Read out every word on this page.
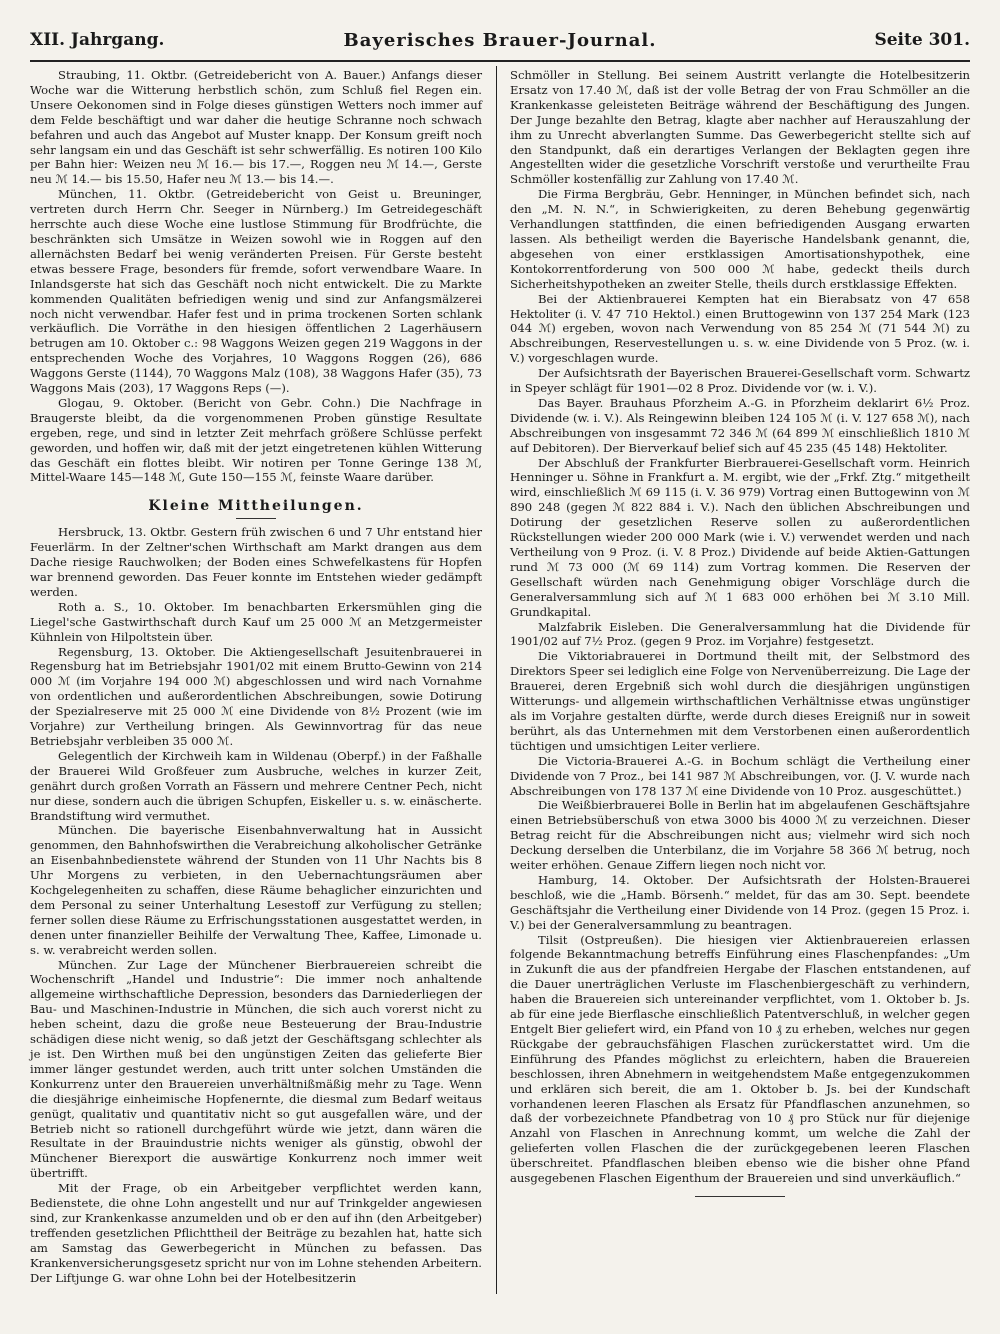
XII. Jahrgang.	Bayerisches Brauer-Journal.	Seite 301.

Straubing, 11. Oktbr. (Getreidebericht von A. Bauer.) Anfangs dieser Woche war die Witterung herbstlich schön, zum Schluß fiel Regen ein. Unsere Oekonomen sind in Folge dieses günstigen Wetters noch immer auf dem Felde beschäftigt und war daher die heutige Schranne noch schwach befahren und auch das Angebot auf Muster knapp. Der Konsum greift noch sehr langsam ein und das Geschäft ist sehr schwerfällig. Es notiren 100 Kilo per Bahn hier: Weizen neu ℳ 16.— bis 17.—, Roggen neu ℳ 14.—, Gerste neu ℳ 14.— bis 15.50, Hafer neu ℳ 13.— bis 14.—.

München, 11. Oktbr. (Getreidebericht von Geist u. Breuninger, vertreten durch Herrn Chr. Seeger in Nürnberg.) Im Getreidegeschäft herrschte auch diese Woche eine lustlose Stimmung für Brodfrüchte, die beschränkten sich Umsätze in Weizen sowohl wie in Roggen auf den allernächsten Bedarf bei wenig veränderten Preisen. Für Gerste besteht etwas bessere Frage, besonders für fremde, sofort verwendbare Waare. In Inlandsgerste hat sich das Geschäft noch nicht entwickelt. Die zu Markte kommenden Qualitäten befriedigen wenig und sind zur Anfangsmälzerei noch nicht verwendbar. Hafer fest und in prima trockenen Sorten schlank verkäuflich. Die Vorräthe in den hiesigen öffentlichen 2 Lagerhäusern betrugen am 10. Oktober c.: 98 Waggons Weizen gegen 219 Waggons in der entsprechenden Woche des Vorjahres, 10 Waggons Roggen (26), 686 Waggons Gerste (1144), 70 Waggons Malz (108), 38 Waggons Hafer (35), 73 Waggons Mais (203), 17 Waggons Reps (—).

Glogau, 9. Oktober. (Bericht von Gebr. Cohn.) Die Nachfrage in Braugerste bleibt, da die vorgenommenen Proben günstige Resultate ergeben, rege, und sind in letzter Zeit mehrfach größere Schlüsse perfekt geworden, und hoffen wir, daß mit der jetzt eingetretenen kühlen Witterung das Geschäft ein flottes bleibt. Wir notiren per Tonne Geringe 138 ℳ, Mittel-Waare 145—148 ℳ, Gute 150—155 ℳ, feinste Waare darüber.

Kleine Mittheilungen.

Hersbruck, 13. Oktbr. Gestern früh zwischen 6 und 7 Uhr entstand hier Feuerlärm. In der Zeltner'schen Wirthschaft am Markt drangen aus dem Dache riesige Rauchwolken; der Boden eines Schwefelkastens für Hopfen war brennend geworden. Das Feuer konnte im Entstehen wieder gedämpft werden.

Roth a. S., 10. Oktober. Im benachbarten Erkersmühlen ging die Liegel'sche Gastwirthschaft durch Kauf um 25 000 ℳ an Metzgermeister Kühnlein von Hilpoltstein über.

Regensburg, 13. Oktober. Die Aktiengesellschaft Jesuitenbrauerei in Regensburg hat im Betriebsjahr 1901/02 mit einem Brutto-Gewinn von 214 000 ℳ (im Vorjahre 194 000 ℳ) abgeschlossen und wird nach Vornahme von ordentlichen und außerordentlichen Abschreibungen, sowie Dotirung der Spezialreserve mit 25 000 ℳ eine Dividende von 8½ Prozent (wie im Vorjahre) zur Vertheilung bringen. Als Gewinnvortrag für das neue Betriebsjahr verbleiben 35 000 ℳ.

Gelegentlich der Kirchweih kam in Wildenau (Oberpf.) in der Faßhalle der Brauerei Wild Großfeuer zum Ausbruche, welches in kurzer Zeit, genährt durch großen Vorrath an Fässern und mehrere Centner Pech, nicht nur diese, sondern auch die übrigen Schupfen, Eiskeller u. s. w. einäscherte. Brandstiftung wird vermuthet.

München. Die bayerische Eisenbahnverwaltung hat in Aussicht genommen, den Bahnhofswirthen die Verabreichung alkoholischer Getränke an Eisenbahnbedienstete während der Stunden von 11 Uhr Nachts bis 8 Uhr Morgens zu verbieten, in den Uebernachtungsräumen aber Kochgelegenheiten zu schaffen, diese Räume behaglicher einzurichten und dem Personal zu seiner Unterhaltung Lesestoff zur Verfügung zu stellen; ferner sollen diese Räume zu Erfrischungsstationen ausgestattet werden, in denen unter finanzieller Beihilfe der Verwaltung Thee, Kaffee, Limonade u. s. w. verabreicht werden sollen.

München. Zur Lage der Münchener Bierbrauereien schreibt die Wochenschrift „Handel und Industrie“: Die immer noch anhaltende allgemeine wirthschaftliche Depression, besonders das Darniederliegen der Bau- und Maschinen-Industrie in München, die sich auch vorerst nicht zu heben scheint, dazu die große neue Besteuerung der Brau-Industrie schädigen diese nicht wenig, so daß jetzt der Geschäftsgang schlechter als je ist. Den Wirthen muß bei den ungünstigen Zeiten das gelieferte Bier immer länger gestundet werden, auch tritt unter solchen Umständen die Konkurrenz unter den Brauereien unverhältnißmäßig mehr zu Tage. Wenn die diesjährige einheimische Hopfenernte, die diesmal zum Bedarf weitaus genügt, qualitativ und quantitativ nicht so gut ausgefallen wäre, und der Betrieb nicht so rationell durchgeführt würde wie jetzt, dann wären die Resultate in der Brauindustrie nichts weniger als günstig, obwohl der Münchener Bierexport die auswärtige Konkurrenz noch immer weit übertrifft.

Mit der Frage, ob ein Arbeitgeber verpflichtet werden kann, Bedienstete, die ohne Lohn angestellt und nur auf Trinkgelder angewiesen sind, zur Krankenkasse anzumelden und ob er den auf ihn (den Arbeitgeber) treffenden gesetzlichen Pflichttheil der Beiträge zu bezahlen hat, hatte sich am Samstag das Gewerbegericht in München zu befassen. Das Krankenversicherungsgesetz spricht nur von im Lohne stehenden Arbeitern. Der Liftjunge G. war ohne Lohn bei der Hotelbesitzerin

Schmöller in Stellung. Bei seinem Austritt verlangte die Hotelbesitzerin Ersatz von 17.40 ℳ, daß ist der volle Betrag der von Frau Schmöller an die Krankenkasse geleisteten Beiträge während der Beschäftigung des Jungen. Der Junge bezahlte den Betrag, klagte aber nachher auf Herauszahlung der ihm zu Unrecht abverlangten Summe. Das Gewerbegericht stellte sich auf den Standpunkt, daß ein derartiges Verlangen der Beklagten gegen ihre Angestellten wider die gesetzliche Vorschrift verstoße und verurtheilte Frau Schmöller kostenfällig zur Zahlung von 17.40 ℳ.

Die Firma Bergbräu, Gebr. Henninger, in München befindet sich, nach den „M. N. N.“, in Schwierigkeiten, zu deren Behebung gegenwärtig Verhandlungen stattfinden, die einen befriedigenden Ausgang erwarten lassen. Als betheiligt werden die Bayerische Handelsbank genannt, die, abgesehen von einer erstklassigen Amortisationshypothek, eine Kontokorrentforderung von 500 000 ℳ habe, gedeckt theils durch Sicherheitshypotheken an zweiter Stelle, theils durch erstklassige Effekten.

Bei der Aktienbrauerei Kempten hat ein Bierabsatz von 47 658 Hektoliter (i. V. 47 710 Hektol.) einen Bruttogewinn von 137 254 Mark (123 044 ℳ) ergeben, wovon nach Verwendung von 85 254 ℳ (71 544 ℳ) zu Abschreibungen, Reservestellungen u. s. w. eine Dividende von 5 Proz. (w. i. V.) vorgeschlagen wurde.

Der Aufsichtsrath der Bayerischen Brauerei-Gesellschaft vorm. Schwartz in Speyer schlägt für 1901—02 8 Proz. Dividende vor (w. i. V.).

Das Bayer. Brauhaus Pforzheim A.-G. in Pforzheim deklarirt 6½ Proz. Dividende (w. i. V.). Als Reingewinn bleiben 124 105 ℳ (i. V. 127 658 ℳ), nach Abschreibungen von insgesammt 72 346 ℳ (64 899 ℳ einschließlich 1810 ℳ auf Debitoren). Der Bierverkauf belief sich auf 45 235 (45 148) Hektoliter.

Der Abschluß der Frankfurter Bierbrauerei-Gesellschaft vorm. Heinrich Henninger u. Söhne in Frankfurt a. M. ergibt, wie der „Frkf. Ztg.“ mitgetheilt wird, einschließlich ℳ 69 115 (i. V. 36 979) Vortrag einen Buttogewinn von ℳ 890 248 (gegen ℳ 822 884 i. V.). Nach den üblichen Abschreibungen und Dotirung der gesetzlichen Reserve sollen zu außerordentlichen Rückstellungen wieder 200 000 Mark (wie i. V.) verwendet werden und nach Vertheilung von 9 Proz. (i. V. 8 Proz.) Dividende auf beide Aktien-Gattungen rund ℳ 73 000 (ℳ 69 114) zum Vortrag kommen. Die Reserven der Gesellschaft würden nach Genehmigung obiger Vorschläge durch die Generalversammlung sich auf ℳ 1 683 000 erhöhen bei ℳ 3.10 Mill. Grundkapital.

Malzfabrik Eisleben. Die Generalversammlung hat die Dividende für 1901/02 auf 7½ Proz. (gegen 9 Proz. im Vorjahre) festgesetzt.

Die Viktoriabrauerei in Dortmund theilt mit, der Selbstmord des Direktors Speer sei lediglich eine Folge von Nervenüberreizung. Die Lage der Brauerei, deren Ergebniß sich wohl durch die diesjährigen ungünstigen Witterungs- und allgemein wirthschaftlichen Verhältnisse etwas ungünstiger als im Vorjahre gestalten dürfte, werde durch dieses Ereigniß nur in soweit berührt, als das Unternehmen mit dem Verstorbenen einen außerordentlich tüchtigen und umsichtigen Leiter verliere.

Die Victoria-Brauerei A.-G. in Bochum schlägt die Vertheilung einer Dividende von 7 Proz., bei 141 987 ℳ Abschreibungen, vor. (J. V. wurde nach Abschreibungen von 178 137 ℳ eine Dividende von 10 Proz. ausgeschüttet.)

Die Weißbierbrauerei Bolle in Berlin hat im abgelaufenen Geschäftsjahre einen Betriebsüberschuß von etwa 3000 bis 4000 ℳ zu verzeichnen. Dieser Betrag reicht für die Abschreibungen nicht aus; vielmehr wird sich noch Deckung derselben die Unterbilanz, die im Vorjahre 58 366 ℳ betrug, noch weiter erhöhen. Genaue Ziffern liegen noch nicht vor.

Hamburg, 14. Oktober. Der Aufsichtsrath der Holsten-Brauerei beschloß, wie die „Hamb. Börsenh.“ meldet, für das am 30. Sept. beendete Geschäftsjahr die Vertheilung einer Dividende von 14 Proz. (gegen 15 Proz. i. V.) bei der Generalversammlung zu beantragen.

Tilsit (Ostpreußen). Die hiesigen vier Aktienbrauereien erlassen folgende Bekanntmachung betreffs Einführung eines Flaschenpfandes: „Um in Zukunft die aus der pfandfreien Hergabe der Flaschen entstandenen, auf die Dauer unerträglichen Verluste im Flaschenbiergeschäft zu verhindern, haben die Brauereien sich untereinander verpflichtet, vom 1. Oktober b. Js. ab für eine jede Bierflasche einschließlich Patentverschluß, in welcher gegen Entgelt Bier geliefert wird, ein Pfand von 10 ₰ zu erheben, welches nur gegen Rückgabe der gebrauchsfähigen Flaschen zurückerstattet wird. Um die Einführung des Pfandes möglichst zu erleichtern, haben die Brauereien beschlossen, ihren Abnehmern in weitgehendstem Maße entgegenzukommen und erklären sich bereit, die am 1. Oktober b. Js. bei der Kundschaft vorhandenen leeren Flaschen als Ersatz für Pfandflaschen anzunehmen, so daß der vorbezeichnete Pfandbetrag von 10 ₰ pro Stück nur für diejenige Anzahl von Flaschen in Anrechnung kommt, um welche die Zahl der gelieferten vollen Flaschen die der zurückgegebenen leeren Flaschen überschreitet. Pfandflaschen bleiben ebenso wie die bisher ohne Pfand ausgegebenen Flaschen Eigenthum der Brauereien und sind unverkäuflich.“
